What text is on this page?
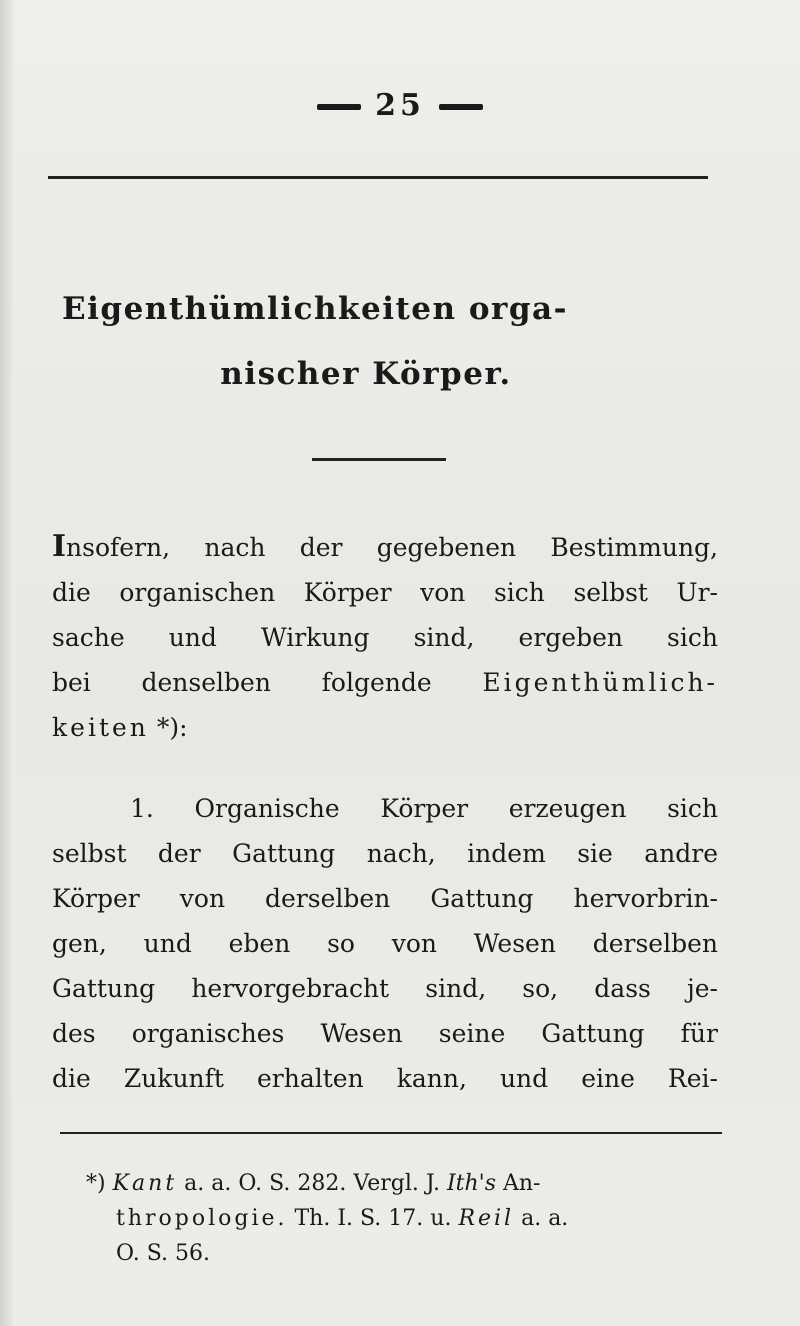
25
Eigenthümlichkeiten orga-
nischer Körper.
Insofern, nach der gegebenen Bestimmung,
die organischen Körper von sich selbst Ur-
sache und Wirkung sind, ergeben sich
bei denselben folgende Eigenthümlich-
keiten *):
1. Organische Körper erzeugen sich
selbst der Gattung nach, indem sie andre
Körper von derselben Gattung hervorbrin-
gen, und eben so von Wesen derselben
Gattung hervorgebracht sind, so, dass je-
des organisches Wesen seine Gattung für
die Zukunft erhalten kann, und eine Rei-
*) Kant a. a. O. S. 282. Vergl. J. Ith's An-
thropologie. Th. I. S. 17. u. Reil a. a.
O. S. 56.
